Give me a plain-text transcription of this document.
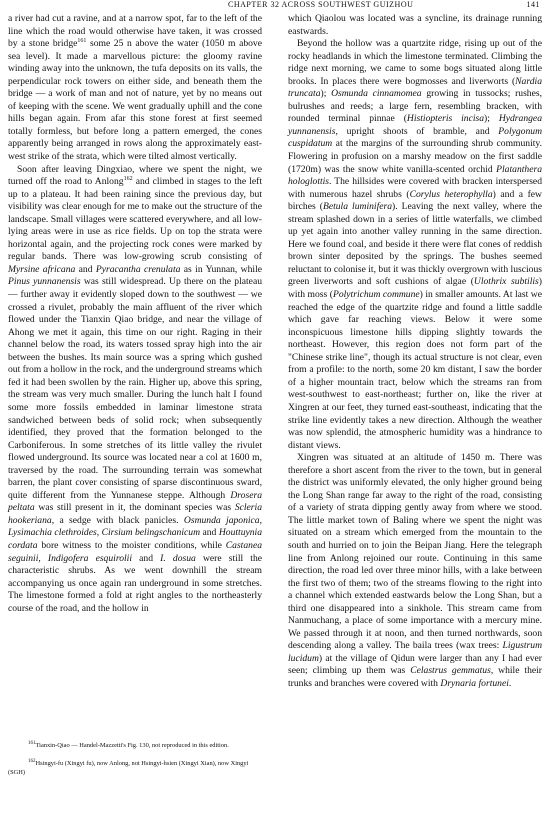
CHAPTER 32 ACROSS SOUTHWEST GUIZHOU	141

a river had cut a ravine, and at a narrow spot, far to the left of the line which the road would otherwise have taken, it was crossed by a stone bridge$^{161}$ some 25 n above the water (1050 m above sea level). It made a marvellous picture: the gloomy ravine winding away into the unknown, the tufa deposits on its valls, the perpendicular rock towers on either side, and beneath them the bridge — a work of man and not of nature, yet by no means out of keeping with the scene. We went gradually uphill and the cone hills began again. From afar this stone forest at first seemed totally formless, but before long a pattern emerged, the cones apparently being arranged in rows along the approximately east-west strike of the strata, which were tilted almost vertically.

Soon after leaving Dingxiao, where we spent the night, we turned off the road to Anlong$^{162}$ and climbed in stages to the left up to a plateau. It had been raining since the previous day, but visibility was clear enough for me to make out the structure of the landscape. Small villages were scattered everywhere, and all low-lying areas were in use as rice fields. Up on top the strata were horizontal again, and the projecting rock cones were marked by regular bands. There was low-growing scrub consisting of Myrsine africana and Pyracantha crenulata as in Yunnan, while Pinus yunnanensis was still widespread. Up there on the plateau — further away it evidently sloped down to the southwest — we crossed a rivulet, probably the main affluent of the river which flowed under the Tianxin Qiao bridge, and near the village of Ahong we met it again, this time on our right. Raging in their channel below the road, its waters tossed spray high into the air between the bushes. Its main source was a spring which gushed out from a hollow in the rock, and the underground streams which fed it had been swollen by the rain. Higher up, above this spring, the stream was very much smaller. During the lunch halt I found some more fossils embedded in laminar limestone strata sandwiched between beds of solid rock; when subsequently identified, they proved that the formation belonged to the Carboniferous. In some stretches of its little valley the rivulet flowed underground. Its source was located near a col at 1600 m, traversed by the road. The surrounding terrain was somewhat barren, the plant cover consisting of sparse discontinuous sward, quite different from the Yunnanese steppe. Although Drosera peltata was still present in it, the dominant species was Scleria hookeriana, a sedge with black panicles. Osmunda japonica, Lysimachia clethroides, Cirsium belingschanicum and Houttuynia cordata bore witness to the moister conditions, while Castanea seguinii, Indigofera esquirolii and I. dosua were still the characteristic shrubs. As we went downhill the stream accompanying us once again ran underground in some stretches. The limestone formed a fold at right angles to the northeasterly course of the road, and the hollow in

$^{161}$Tianxin-Qiao — Handel-Mazzetti's Fig. 130, not reproduced in this edition.

$^{162}$Hsingyi-fu (Xingyi fu), now Anlong, not Hsingyi-hsien (Xingyi Xian), now Xingyi (SGH)

which Qiaolou was located was a syncline, its drainage running eastwards.

Beyond the hollow was a quartzite ridge, rising up out of the rocky headlands in which the limestone terminated. Climbing the ridge next morning, we came to some bogs situated along little brooks. In places there were bogmosses and liverworts (Nardia truncata); Osmunda cinnamomea growing in tussocks; rushes, bulrushes and reeds; a large fern, resembling bracken, with rounded terminal pinnae (Histiopteris incisa); Hydrangea yunnanensis, upright shoots of bramble, and Polygonum cuspidatum at the margins of the surrounding shrub community. Flowering in profusion on a marshy meadow on the first saddle (1720m) was the snow white vanilla-scented orchid Platanthera hologlottis. The hillsides were covered with bracken interspersed with numerous hazel shrubs (Corylus heterophylla) and a few birches (Betula luminifera). Leaving the next valley, where the stream splashed down in a series of little waterfalls, we climbed up yet again into another valley running in the same direction. Here we found coal, and beside it there were flat cones of reddish brown sinter deposited by the springs. The bushes seemed reluctant to colonise it, but it was thickly overgrown with luscious green liverworts and soft cushions of algae (Ulothrix subtilis) with moss (Polytrichum commune) in smaller amounts. At last we reached the edge of the quartzite ridge and found a little saddle which gave far reaching views. Below it were some inconspicuous limestone hills dipping slightly towards the northeast. However, this region does not form part of the "Chinese strike line", though its actual structure is not clear, even from a profile: to the north, some 20 km distant, I saw the border of a higher mountain tract, below which the streams ran from west-southwest to east-northeast; further on, like the river at Xingren at our feet, they turned east-southeast, indicating that the strike line evidently takes a new direction. Although the weather was now splendid, the atmospheric humidity was a hindrance to distant views.

Xingren was situated at an altitude of 1450 m. There was therefore a short ascent from the river to the town, but in general the district was uniformly elevated, the only higher ground being the Long Shan range far away to the right of the road, consisting of a variety of strata dipping gently away from where we stood. The little market town of Baling where we spent the night was situated on a stream which emerged from the mountain to the south and hurried on to join the Beipan Jiang. Here the telegraph line from Anlong rejoined our route. Continuing in this same direction, the road led over three minor hills, with a lake between the first two of them; two of the streams flowing to the right into a channel which extended eastwards below the Long Shan, but a third one disappeared into a sinkhole. This stream came from Nanmuchang, a place of some importance with a mercury mine. We passed through it at noon, and then turned northwards, soon descending along a valley. The baila trees (wax trees: Ligustrum lucidum) at the village of Qidun were larger than any I had ever seen; climbing up them was Celastrus gemmatus, while their trunks and branches were covered with Drynaria fortunei.
